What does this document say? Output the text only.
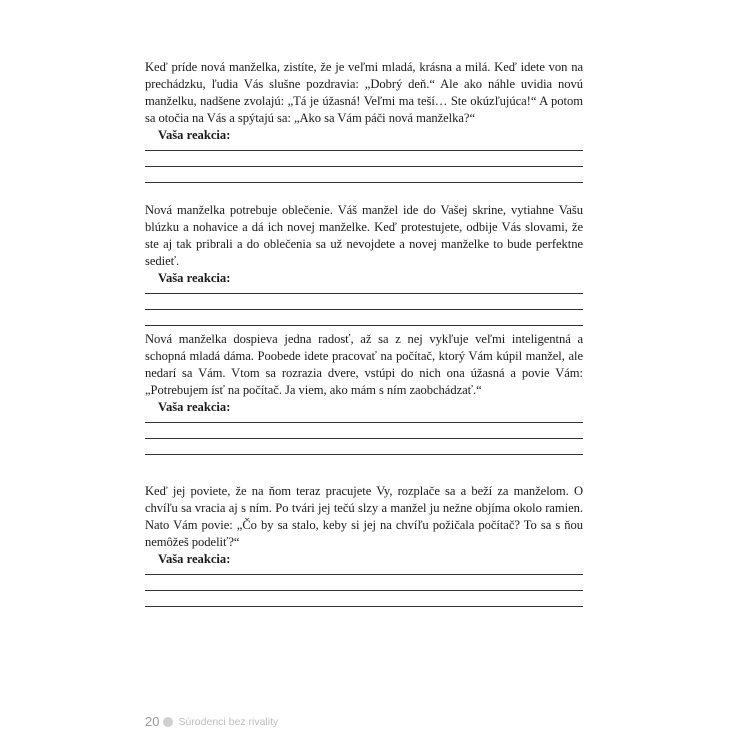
Keď príde nová manželka, zistíte, že je veľmi mladá, krásna a milá. Keď idete von na prechádzku, ľudia Vás slušne pozdravia: „Dobrý deň.“ Ale ako náhle uvidia novú manželku, nadšene zvolajú: „Tá je úžasná! Veľmi ma teší… Ste okúzľujúca!“ A potom sa otočia na Vás a spýtajú sa: „Ako sa Vám páči nová manželka?“

Vaša reakcia:

Nová manželka potrebuje oblečenie. Váš manžel ide do Vašej skrine, vytiahne Vašu blúzku a nohavice a dá ich novej manželke. Keď protestujete, odbije Vás slovami, že ste aj tak pribrali a do oblečenia sa už nevojdete a novej manželke to bude perfektne sedieť.

Vaša reakcia:

Nová manželka dospieva jedna radosť, až sa z nej vykľuje veľmi inteligentná a schopná mladá dáma. Poobede idete pracovať na počítač, ktorý Vám kúpil manžel, ale nedarí sa Vám. Vtom sa rozrazia dvere, vstúpi do nich ona úžasná a povie Vám: „Potrebujem ísť na počítač. Ja viem, ako mám s ním zaobchádzať.“

Vaša reakcia:

Keď jej poviete, že na ňom teraz pracujete Vy, rozplače sa a beží za manželom. O chvíľu sa vracia aj s ním. Po tvári jej tečú slzy a manžel ju nežne objíma okolo ramien. Nato Vám povie: „Čo by sa stalo, keby si jej na chvíľu požičala počítač? To sa s ňou nemôžeš podeliť?“

Vaša reakcia:
20 Súrodenci bez rivality
